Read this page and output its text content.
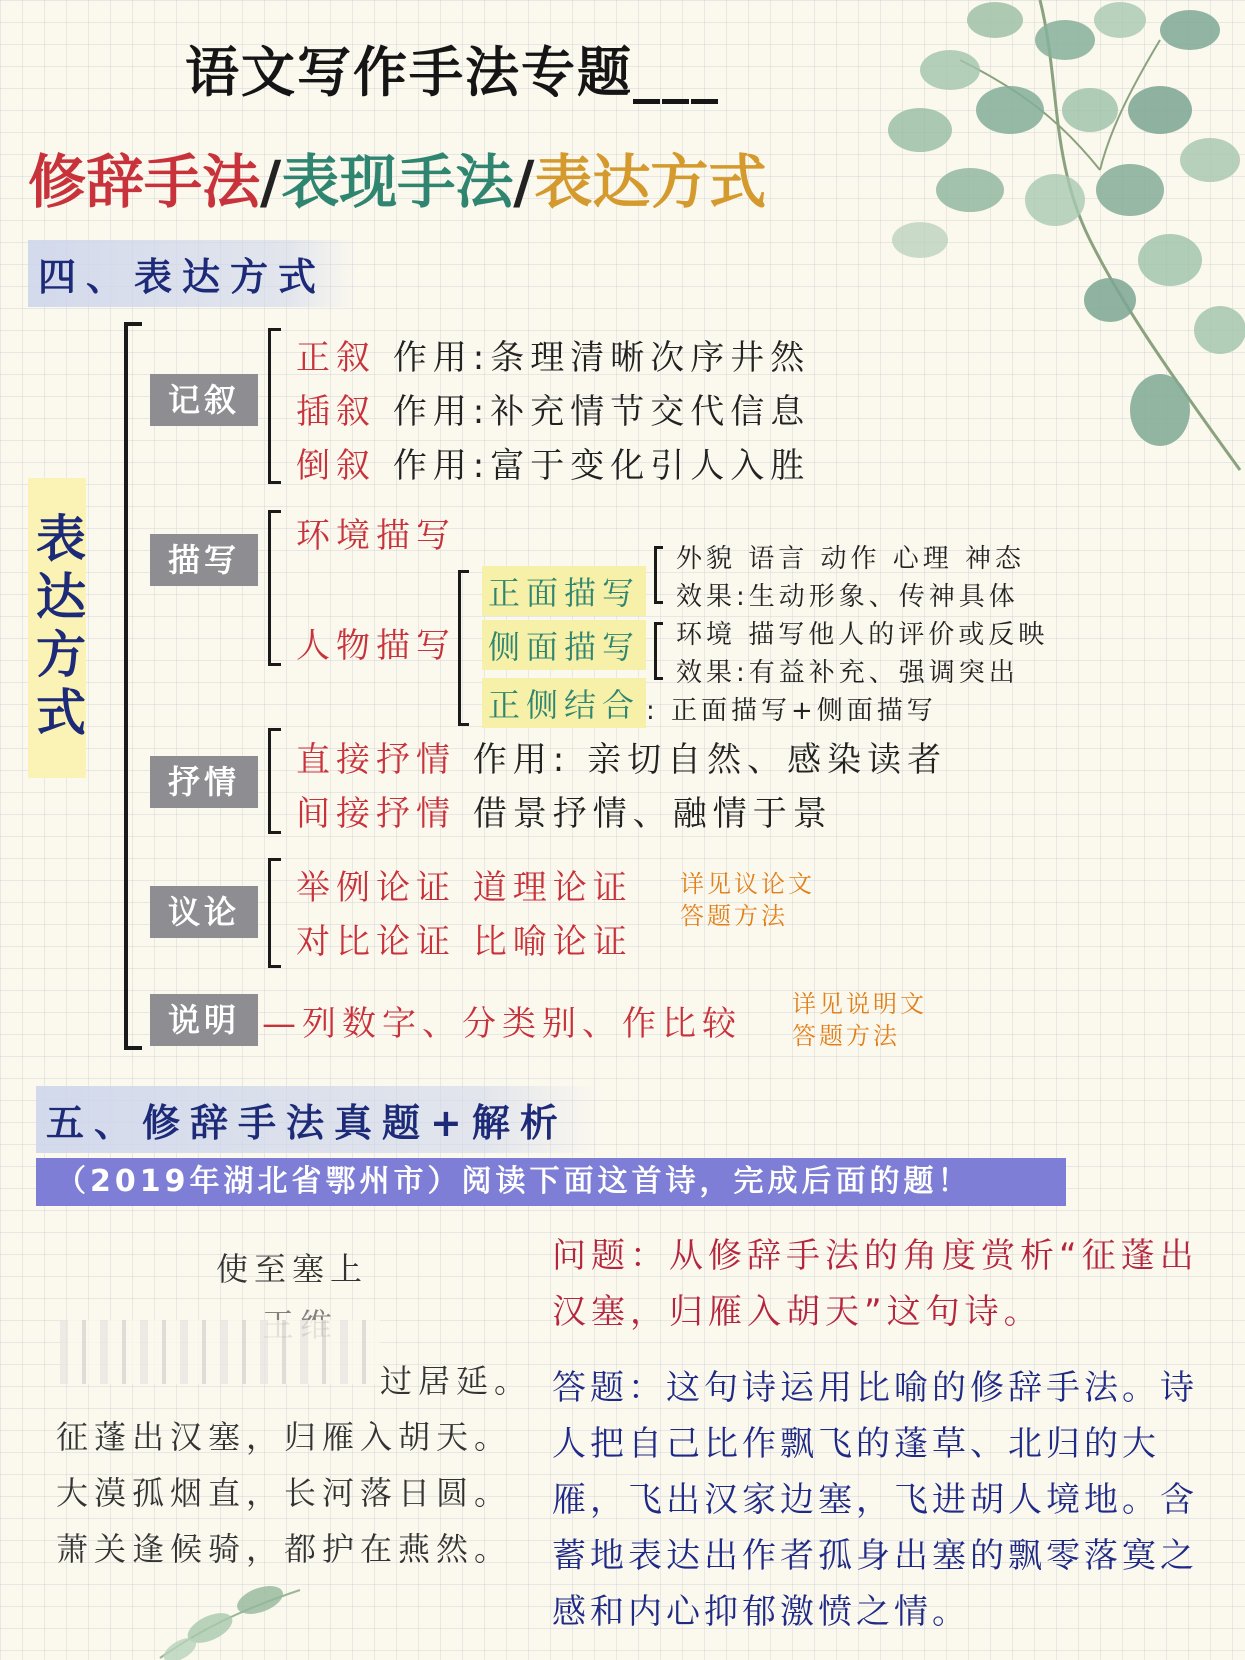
语文写作手法专题___
修辞手法/表现手法/表达方式
四、表达方式
表达方式
记叙
正叙 作用:条理清晰次序井然
插叙 作用:补充情节交代信息
倒叙 作用:富于变化引人入胜
描写
环境描写
人物描写
正面描写
外貌 语言 动作 心理 神态
效果:生动形象、传神具体
侧面描写 环境 描写他人的评价或反映
效果:有益补充、强调突出
正侧结合 : 正面描写+侧面描写
抒情
直接抒情 作用: 亲切自然、感染读者
间接抒情 借景抒情、融情于景
议论
举例论证 道理论证
对比论证 比喻论证
详见议论文
答题方法
说明 —列数字、分类别、作比较 详见说明文
答题方法
五、修辞手法真题+解析
（2019年湖北省鄂州市）阅读下面这首诗，完成后面的题！
使至塞上
过居延。
征蓬出汉塞，归雁入胡天。
大漠孤烟直，长河落日圆。
萧关逢候骑，都护在燕然。
问题：从修辞手法的角度赏析“征蓬出汉塞，归雁入胡天”这句诗。
答题：这句诗运用比喻的修辞手法。诗人把自己比作飘飞的蓬草、北归的大雁，飞出汉家边塞，飞进胡人境地。含蓄地表达出作者孤身出塞的飘零落寞之感和内心抑郁激愤之情。
